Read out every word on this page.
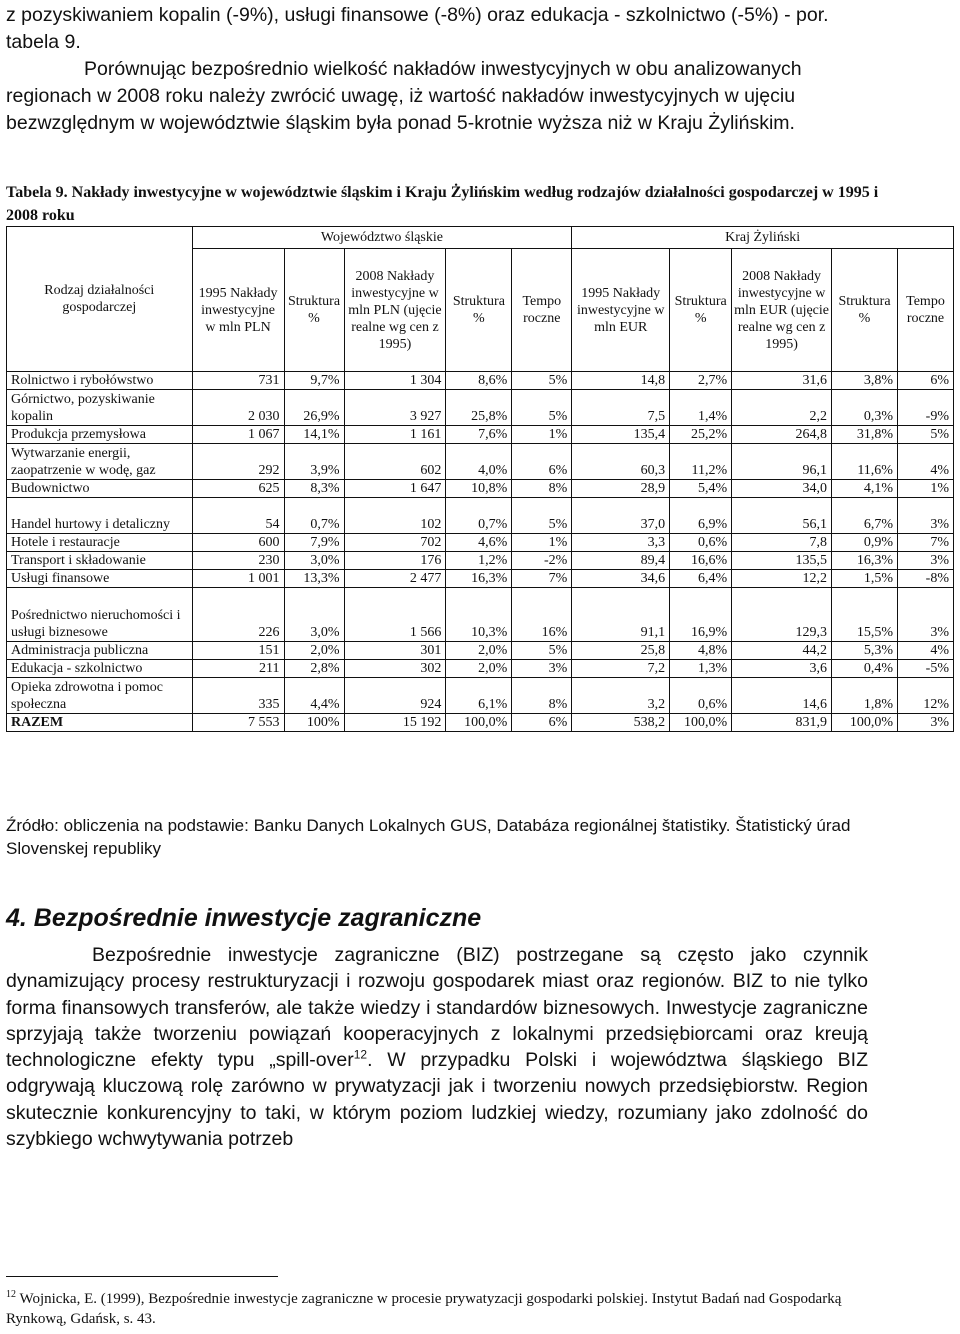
z pozyskiwaniem kopalin (-9%), usługi finansowe (-8%) oraz edukacja - szkolnictwo (-5%) - por. tabela 9.

Porównując bezpośrednio wielkość nakładów inwestycyjnych w obu analizowanych regionach w 2008 roku należy zwrócić uwagę, iż wartość nakładów inwestycyjnych w ujęciu bezwzględnym w województwie śląskim była ponad 5-krotnie wyższa niż w Kraju Żylińskim.

Tabela 9. Nakłady inwestycyjne w województwie śląskim i Kraju Żylińskim według rodzajów działalności gospodarczej w 1995 i 2008 roku
Rodzaj działalności gospodarczej	Województwo śląskie					Kraj Żyliński				
	1995 Nakłady inwestycyjne w mln PLN	Struktura %	2008 Nakłady inwestycyjne w mln PLN (ujęcie realne wg cen z 1995)	Struktura %	Tempo roczne	1995 Nakłady inwestycyjne w mln EUR	Struktura %	2008 Nakłady inwestycyjne w mln EUR (ujęcie realne wg cen z 1995)	Struktura %	Tempo roczne
Rolnictwo i rybołówstwo	731	9,7%	1 304	8,6%	5%	14,8	2,7%	31,6	3,8%	6%
Górnictwo, pozyskiwanie kopalin	2 030	26,9%	3 927	25,8%	5%	7,5	1,4%	2,2	0,3%	-9%
Produkcja przemysłowa	1 067	14,1%	1 161	7,6%	1%	135,4	25,2%	264,8	31,8%	5%
Wytwarzanie energii, zaopatrzenie w wodę, gaz	292	3,9%	602	4,0%	6%	60,3	11,2%	96,1	11,6%	4%
Budownictwo	625	8,3%	1 647	10,8%	8%	28,9	5,4%	34,0	4,1%	1%
Handel hurtowy i detaliczny	54	0,7%	102	0,7%	5%	37,0	6,9%	56,1	6,7%	3%
Hotele i restauracje	600	7,9%	702	4,6%	1%	3,3	0,6%	7,8	0,9%	7%
Transport i składowanie	230	3,0%	176	1,2%	-2%	89,4	16,6%	135,5	16,3%	3%
Usługi finansowe	1 001	13,3%	2 477	16,3%	7%	34,6	6,4%	12,2	1,5%	-8%
Pośrednictwo nieruchomości i usługi biznesowe	226	3,0%	1 566	10,3%	16%	91,1	16,9%	129,3	15,5%	3%
Administracja publiczna	151	2,0%	301	2,0%	5%	25,8	4,8%	44,2	5,3%	4%
Edukacja - szkolnictwo	211	2,8%	302	2,0%	3%	7,2	1,3%	3,6	0,4%	-5%
Opieka zdrowotna i pomoc społeczna	335	4,4%	924	6,1%	8%	3,2	0,6%	14,6	1,8%	12%
RAZEM	7 553	100%	15 192	100,0%	6%	538,2	100,0%	831,9	100,0%	3%
Źródło: obliczenia na podstawie: Banku Danych Lokalnych GUS, Databáza regionálnej štatistiky. Štatistický úrad Slovenskej republiky
4. Bezpośrednie inwestycje zagraniczne

Bezpośrednie inwestycje zagraniczne (BIZ) postrzegane są często jako czynnik dynamizujący procesy restrukturyzacji i rozwoju gospodarek miast oraz regionów. BIZ to nie tylko forma finansowych transferów, ale także wiedzy i standardów biznesowych. Inwestycje zagraniczne sprzyjają także tworzeniu powiązań kooperacyjnych z lokalnymi przedsiębiorcami oraz kreują technologiczne efekty typu „spill-over$^{12}$. W przypadku Polski i województwa śląskiego BIZ odgrywają kluczową rolę zarówno w prywatyzacji jak i tworzeniu nowych przedsiębiorstw. Region skutecznie konkurencyjny to taki, w którym poziom ludzkiej wiedzy, rozumiany jako zdolność do szybkiego wchwytywania potrzeb

$^{12}$ Wojnicka, E. (1999), Bezpośrednie inwestycje zagraniczne w procesie prywatyzacji gospodarki polskiej. Instytut Badań nad Gospodarką Rynkową, Gdańsk, s. 43.
